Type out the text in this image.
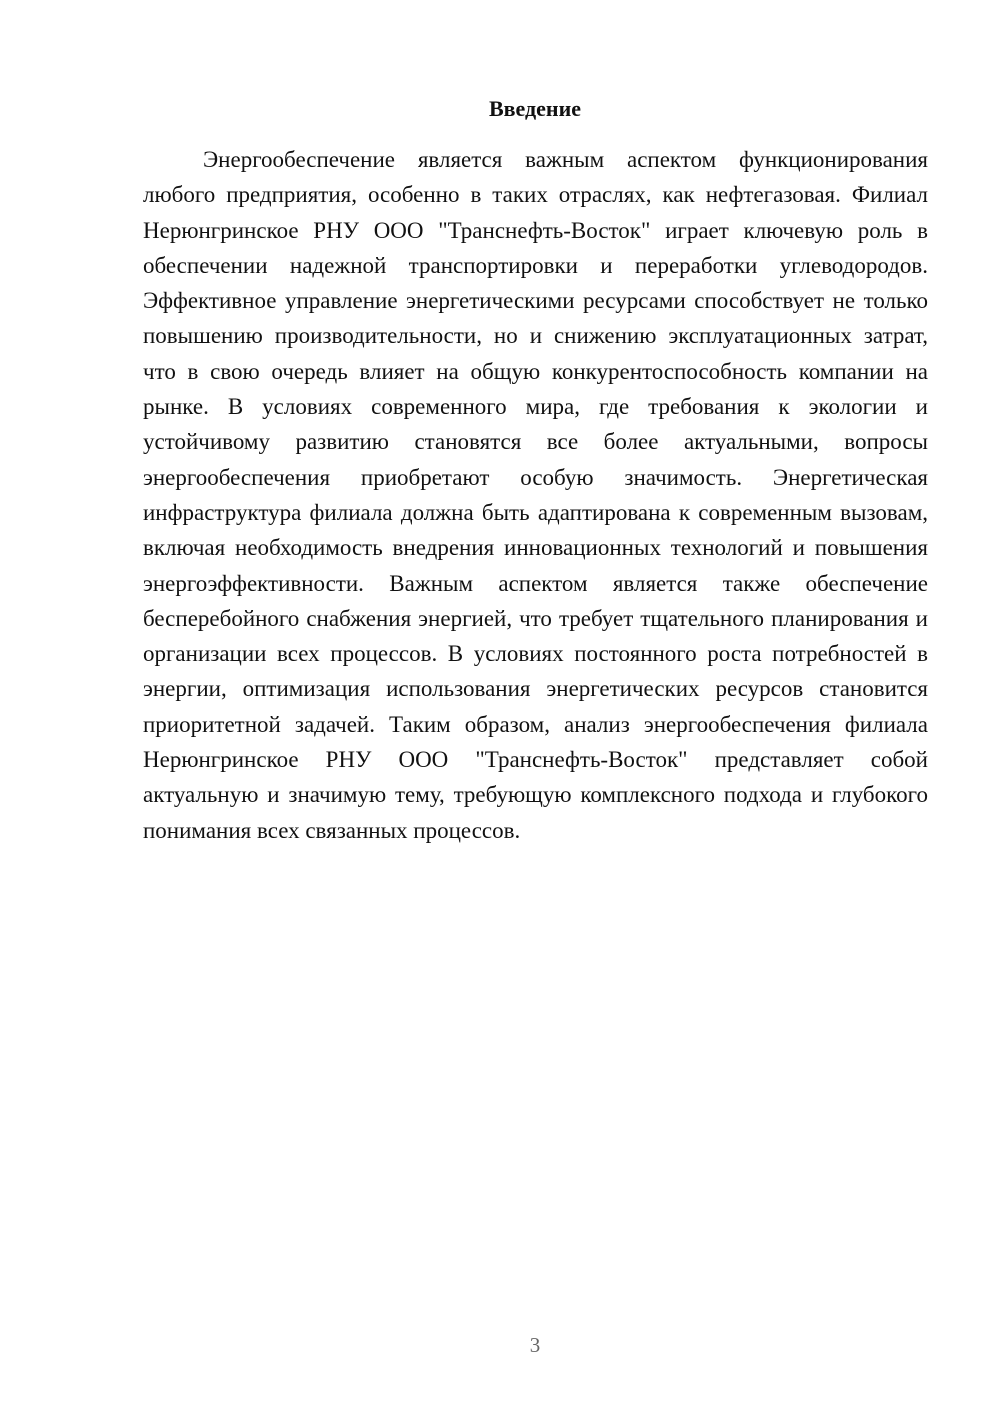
Введение

Энергообеспечение является важным аспектом функционирования любого предприятия, особенно в таких отраслях, как нефтегазовая. Филиал Нерюнгринское РНУ ООО "Транснефть-Восток" играет ключевую роль в обеспечении надежной транспортировки и переработки углеводородов. Эффективное управление энергетическими ресурсами способствует не только повышению производительности, но и снижению эксплуатационных затрат, что в свою очередь влияет на общую конкурентоспособность компании на рынке. В условиях современного мира, где требования к экологии и устойчивому развитию становятся все более актуальными, вопросы энергообеспечения приобретают особую значимость. Энергетическая инфраструктура филиала должна быть адаптирована к современным вызовам, включая необходимость внедрения инновационных технологий и повышения энергоэффективности. Важным аспектом является также обеспечение бесперебойного снабжения энергией, что требует тщательного планирования и организации всех процессов. В условиях постоянного роста потребностей в энергии, оптимизация использования энергетических ресурсов становится приоритетной задачей. Таким образом, анализ энергообеспечения филиала Нерюнгринское РНУ ООО "Транснефть-Восток" представляет собой актуальную и значимую тему, требующую комплексного подхода и глубокого понимания всех связанных процессов.

3
